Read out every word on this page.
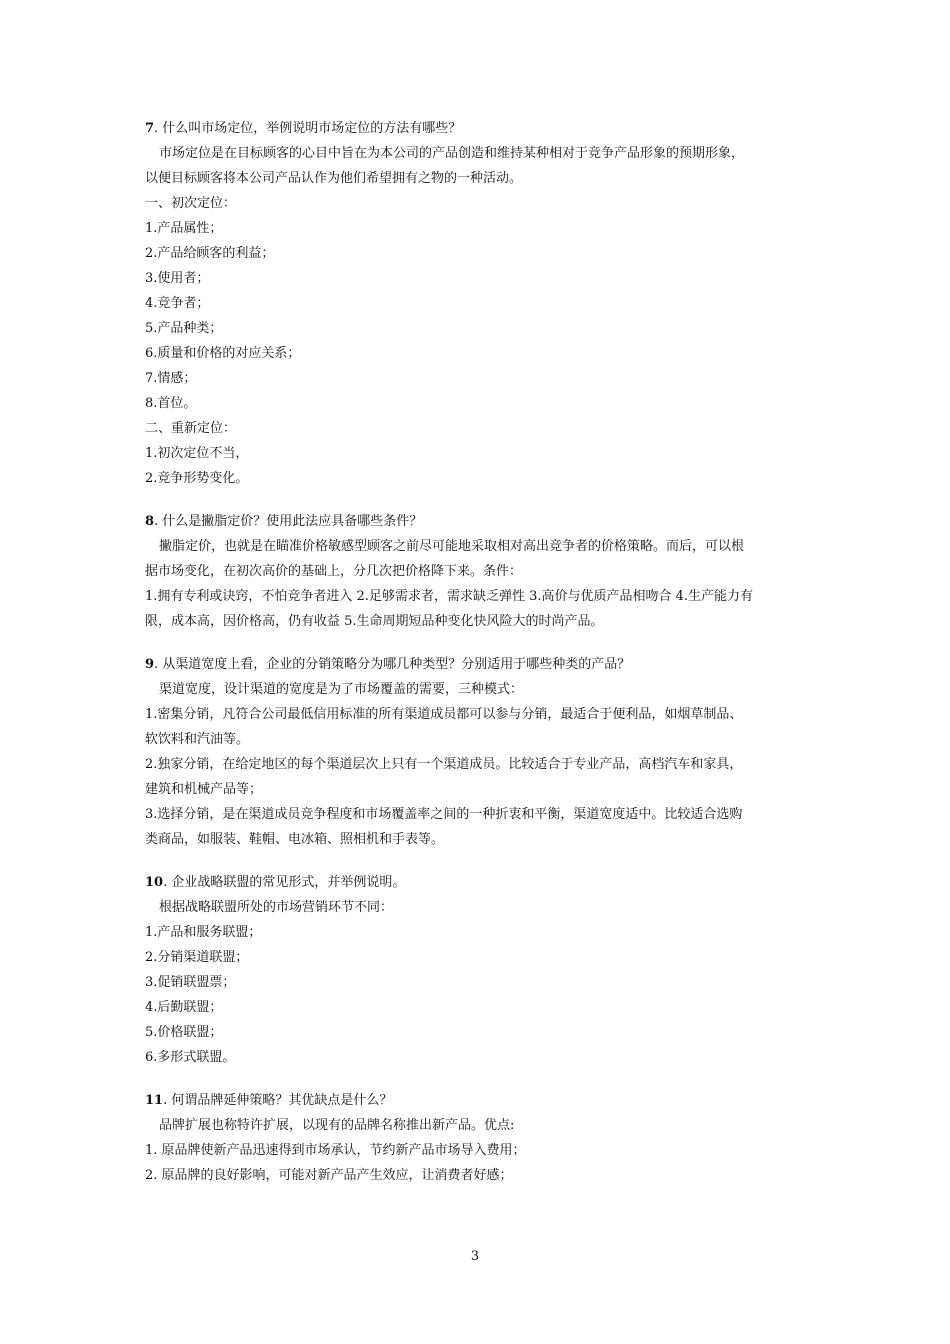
7. 什么叫市场定位，举例说明市场定位的方法有哪些？
市场定位是在目标顾客的心目中旨在为本公司的产品创造和维持某种相对于竞争产品形象的预期形象，
以便目标顾客将本公司产品认作为他们希望拥有之物的一种活动。
一、初次定位：
1.产品属性；
2.产品给顾客的利益；
3.使用者；
4.竞争者；
5.产品种类；
6.质量和价格的对应关系；
7.情感；
8.首位。
二、重新定位：
1.初次定位不当，
2.竞争形势变化。
8. 什么是撇脂定价？使用此法应具备哪些条件？
撇脂定价，也就是在瞄准价格敏感型顾客之前尽可能地采取相对高出竞争者的价格策略。而后，可以根
据市场变化，在初次高价的基础上，分几次把价格降下来。条件：
1.拥有专利或诀窍，不怕竞争者进入 2.足够需求者，需求缺乏弹性 3.高价与优质产品相吻合 4.生产能力有
限，成本高，因价格高，仍有收益 5.生命周期短品种变化快风险大的时尚产品。
9. 从渠道宽度上看，企业的分销策略分为哪几种类型？分别适用于哪些种类的产品？
渠道宽度，设计渠道的宽度是为了市场覆盖的需要，三种模式：
1.密集分销，凡符合公司最低信用标准的所有渠道成员都可以参与分销，最适合于便利品，如烟草制品、
软饮料和汽油等。
2.独家分销，在给定地区的每个渠道层次上只有一个渠道成员。比较适合于专业产品，高档汽车和家具，
建筑和机械产品等；
3.选择分销，是在渠道成员竞争程度和市场覆盖率之间的一种折衷和平衡，渠道宽度适中。比较适合选购
类商品，如服装、鞋帽、电冰箱、照相机和手表等。
10. 企业战略联盟的常见形式，并举例说明。
根据战略联盟所处的市场营销环节不同：
1.产品和服务联盟；
2.分销渠道联盟；
3.促销联盟票；
4.后勤联盟；
5.价格联盟；
6.多形式联盟。
11. 何谓品牌延伸策略？其优缺点是什么？
品牌扩展也称特许扩展，以现有的品牌名称推出新产品。优点:
1. 原品牌使新产品迅速得到市场承认，节约新产品市场导入费用；
2. 原品牌的良好影响，可能对新产品产生效应，让消费者好感；
3
